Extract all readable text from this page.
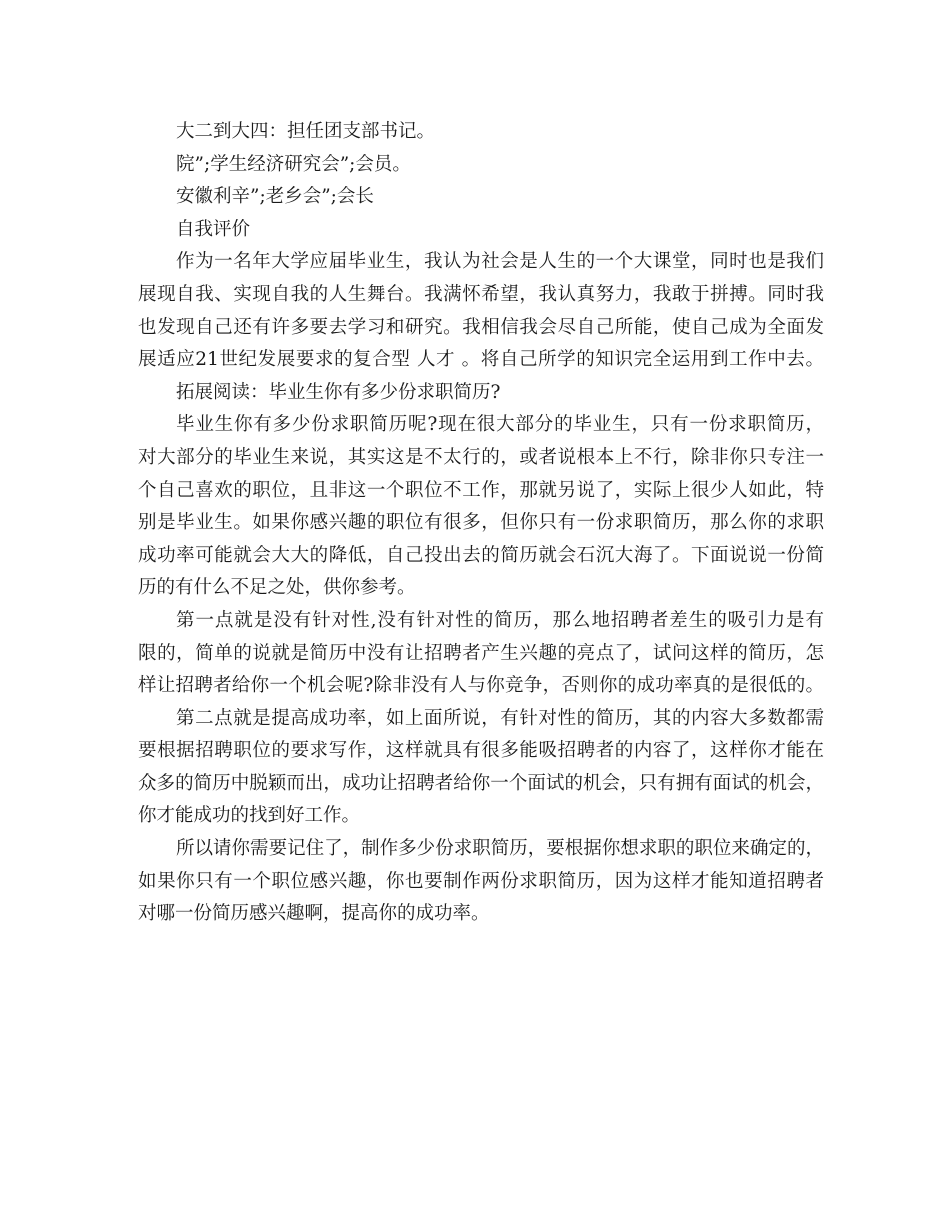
大二到大四：担任团支部书记。
院”;学生经济研究会”;会员。
安徽利辛”;老乡会”;会长
自我评价
作为一名年大学应届毕业生，我认为社会是人生的一个大课堂，同时也是我们
展现自我、实现自我的人生舞台。我满怀希望，我认真努力，我敢于拼搏。同时我
也发现自己还有许多要去学习和研究。我相信我会尽自己所能，使自己成为全面发
展适应21世纪发展要求的复合型 人才 。将自己所学的知识完全运用到工作中去。
拓展阅读：毕业生你有多少份求职简历?
毕业生你有多少份求职简历呢?现在很大部分的毕业生，只有一份求职简历，
对大部分的毕业生来说，其实这是不太行的，或者说根本上不行，除非你只专注一
个自己喜欢的职位，且非这一个职位不工作，那就另说了，实际上很少人如此，特
别是毕业生。如果你感兴趣的职位有很多，但你只有一份求职简历，那么你的求职
成功率可能就会大大的降低，自己投出去的简历就会石沉大海了。下面说说一份简
历的有什么不足之处，供你参考。
第一点就是没有针对性,没有针对性的简历，那么地招聘者差生的吸引力是有
限的，简单的说就是简历中没有让招聘者产生兴趣的亮点了，试问这样的简历，怎
样让招聘者给你一个机会呢?除非没有人与你竞争，否则你的成功率真的是很低的。
第二点就是提高成功率，如上面所说，有针对性的简历，其的内容大多数都需
要根据招聘职位的要求写作，这样就具有很多能吸招聘者的内容了，这样你才能在
众多的简历中脱颖而出，成功让招聘者给你一个面试的机会，只有拥有面试的机会，
你才能成功的找到好工作。
所以请你需要记住了，制作多少份求职简历，要根据你想求职的职位来确定的，
如果你只有一个职位感兴趣，你也要制作两份求职简历，因为这样才能知道招聘者
对哪一份简历感兴趣啊，提高你的成功率。
